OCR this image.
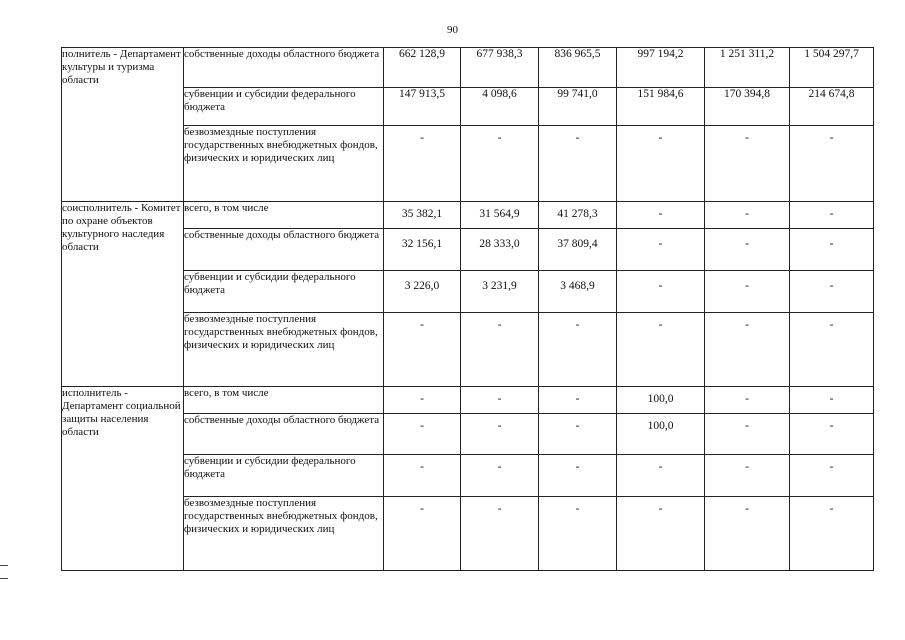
90
полнитель - Департамент культуры и туризма области	собственные доходы областного бюджета	662 128,9	677 938,3	836 965,5	997 194,2	1 251 311,2	1 504 297,7
	субвенции и субсидии федерального бюджета	147 913,5	4 098,6	99 741,0	151 984,6	170 394,8	214 674,8
	безвозмездные поступления государственных внебюджетных фондов, физических и юридических лиц	-	-	-	-	-	-
соисполнитель - Комитет по охране объектов культурного наследия области	всего, в том числе	35 382,1	31 564,9	41 278,3	-	-	-
	собственные доходы областного бюджета	32 156,1	28 333,0	37 809,4	-	-	-
	субвенции и субсидии федерального бюджета	3 226,0	3 231,9	3 468,9	-	-	-
	безвозмездные поступления государственных внебюджетных фондов, физических и юридических лиц	-	-	-	-	-	-
исполнитель - Департамент социальной защиты населения области	всего, в том числе	-	-	-	100,0	-	-
	собственные доходы областного бюджета	-	-	-	100,0	-	-
	субвенции и субсидии федерального бюджета	-	-	-	-	-	-
	безвозмездные поступления государственных внебюджетных фондов, физических и юридических лиц	-	-	-	-	-	-
